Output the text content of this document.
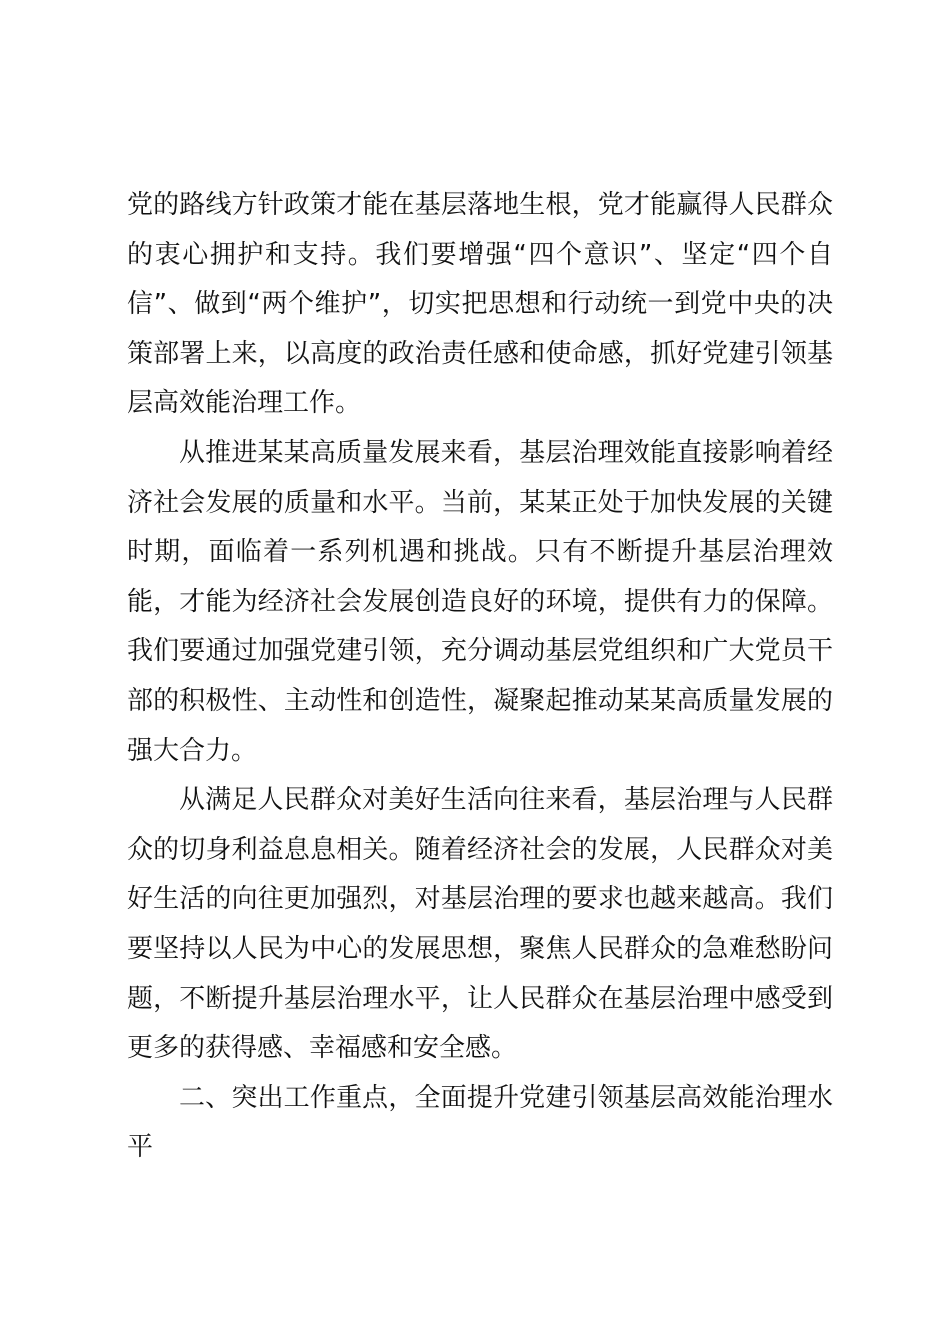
党的路线方针政策才能在基层落地生根，党才能赢得人民群众的衷心拥护和支持。我们要增强“四个意识”、坚定“四个自信”、做到“两个维护”，切实把思想和行动统一到党中央的决策部署上来，以高度的政治责任感和使命感，抓好党建引领基层高效能治理工作。

从推进某某高质量发展来看，基层治理效能直接影响着经济社会发展的质量和水平。当前，某某正处于加快发展的关键时期，面临着一系列机遇和挑战。只有不断提升基层治理效能，才能为经济社会发展创造良好的环境，提供有力的保障。我们要通过加强党建引领，充分调动基层党组织和广大党员干部的积极性、主动性和创造性，凝聚起推动某某高质量发展的强大合力。

从满足人民群众对美好生活向往来看，基层治理与人民群众的切身利益息息相关。随着经济社会的发展，人民群众对美好生活的向往更加强烈，对基层治理的要求也越来越高。我们要坚持以人民为中心的发展思想，聚焦人民群众的急难愁盼问题，不断提升基层治理水平，让人民群众在基层治理中感受到更多的获得感、幸福感和安全感。

二、突出工作重点，全面提升党建引领基层高效能治理水平
